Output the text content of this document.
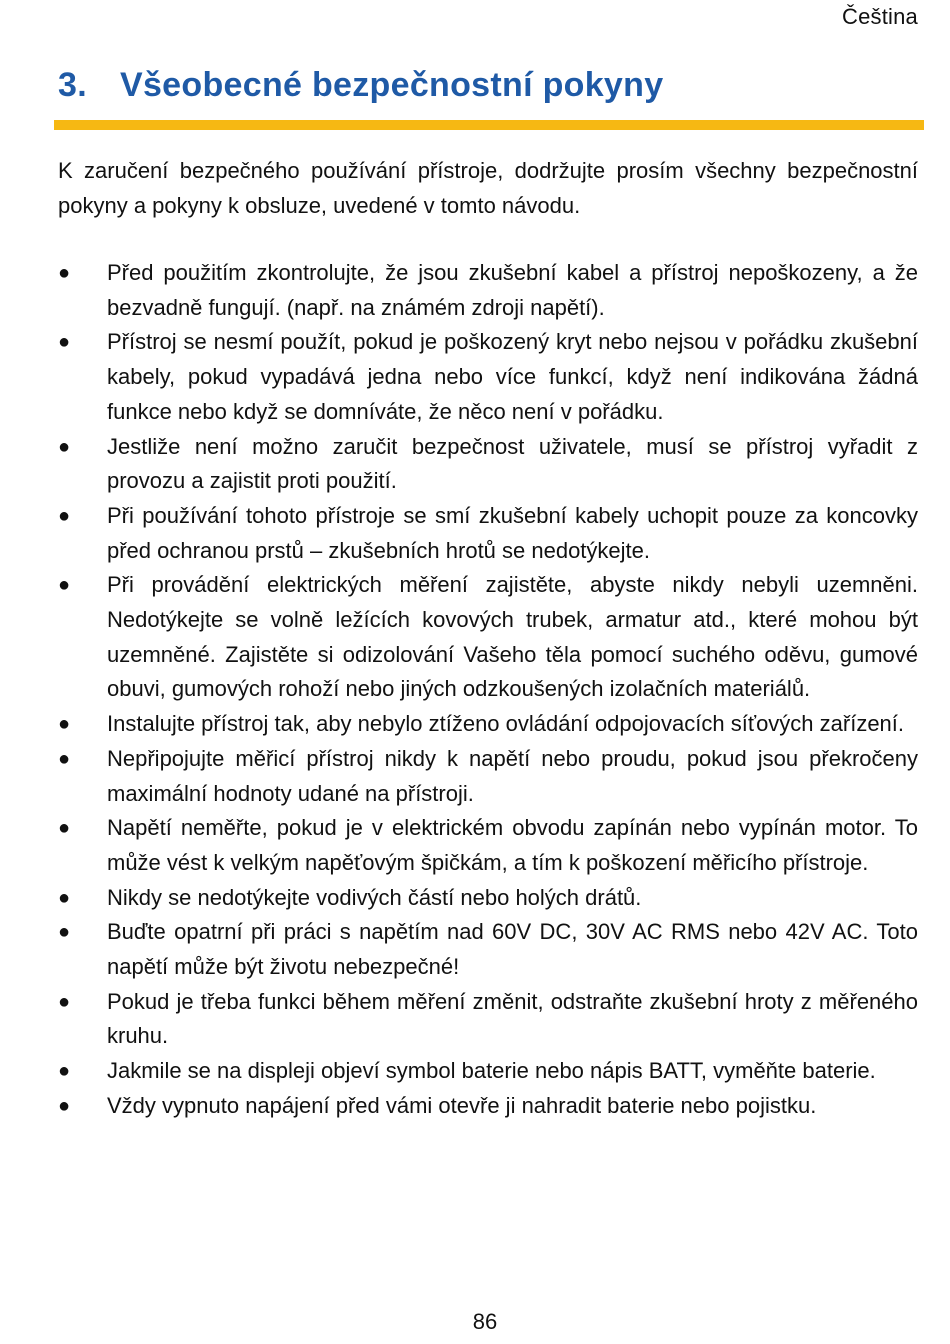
Čeština
3. Všeobecné bezpečnostní pokyny

K zaručení bezpečného používání přístroje, dodržujte prosím všechny bezpečnostní pokyny a pokyny k obsluze, uvedené v tomto návodu.

● Před použitím zkontrolujte, že jsou zkušební kabel a přístroj nepoškozeny, a že bezvadně fungují. (např. na známém zdroji napětí).
● Přístroj se nesmí použít, pokud je poškozený kryt nebo nejsou v pořádku zkušební kabely, pokud vypadává jedna nebo více funkcí, když není indikována žádná funkce nebo když se domníváte, že něco není v pořádku.
● Jestliže není možno zaručit bezpečnost uživatele, musí se přístroj vyřadit z provozu a zajistit proti použití.
● Při používání tohoto přístroje se smí zkušební kabely uchopit pouze za koncovky před ochranou prstů – zkušebních hrotů se nedotýkejte.
● Při provádění elektrických měření zajistěte, abyste nikdy nebyli uzemněni. Nedotýkejte se volně ležících kovových trubek, armatur atd., které mohou být uzemněné. Zajistěte si odizolování Vašeho těla pomocí suchého oděvu, gumové obuvi, gumových rohoží nebo jiných odzkoušených izolačních materiálů.
● Instalujte přístroj tak, aby nebylo ztíženo ovládání odpojovacích síťových zařízení.
● Nepřipojujte měřicí přístroj nikdy k napětí nebo proudu, pokud jsou překročeny maximální hodnoty udané na přístroji.
● Napětí neměřte, pokud je v elektrickém obvodu zapínán nebo vypínán motor. To může vést k velkým napěťovým špičkám, a tím k poškození měřicího přístroje.
● Nikdy se nedotýkejte vodivých částí nebo holých drátů.
● Buďte opatrní při práci s napětím nad 60V DC, 30V AC RMS nebo 42V AC. Toto napětí může být životu nebezpečné!
● Pokud je třeba funkci během měření změnit, odstraňte zkušební hroty z měřeného kruhu.
● Jakmile se na displeji objeví symbol baterie nebo nápis BATT, vyměňte baterie.
● Vždy vypnuto napájení před vámi otevře ji nahradit baterie nebo pojistku.
86
